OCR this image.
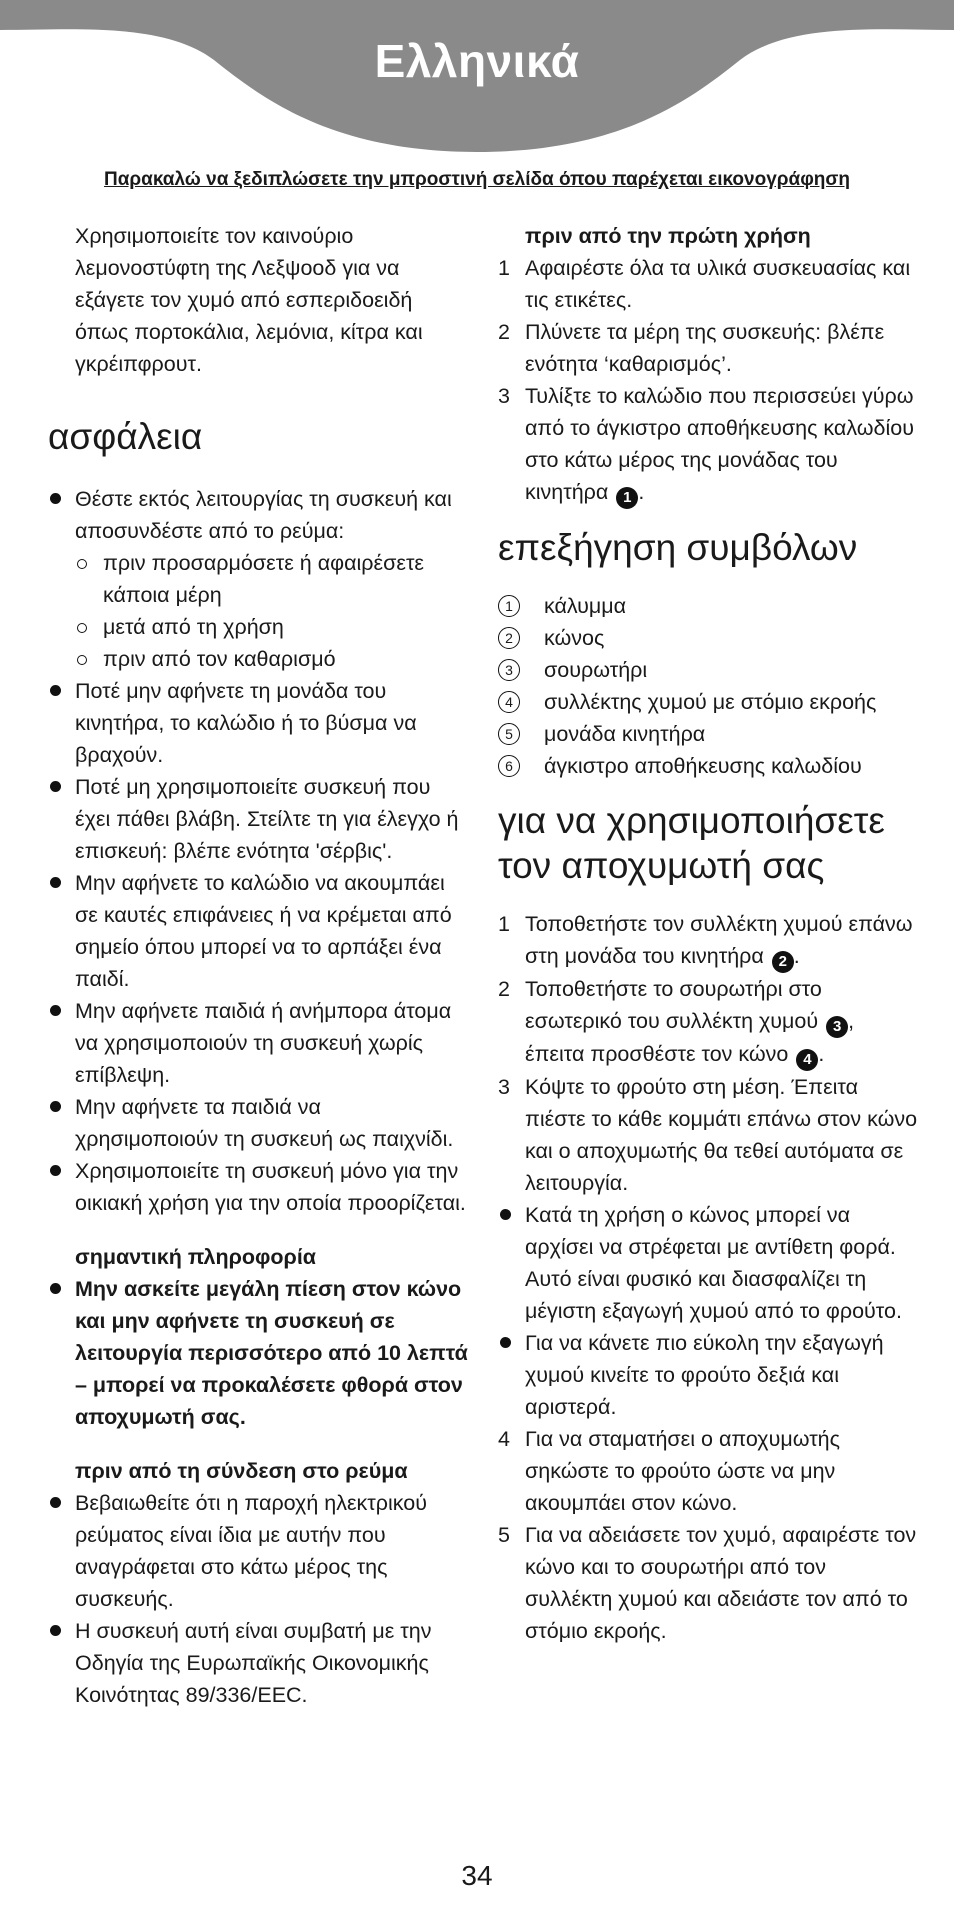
Ελληνικά
Παρακαλώ να ξεδιπλώσετε την μπροστινή σελίδα όπου παρέχεται εικονογράφηση

Χρησιμοποιείτε τον καινούριο λεμονοστύφτη της Λεξψοοδ για να εξάγετε τον χυμό από εσπεριδοειδή όπως πορτοκάλια, λεμόνια, κίτρα και γκρέιπφρουτ.

ασφάλεια
Θέστε εκτός λειτουργίας τη συσκευή και αποσυνδέστε από το ρεύμα:
πριν προσαρμόσετε ή αφαιρέσετε κάποια μέρη
μετά από τη χρήση
πριν από τον καθαρισμό
Ποτέ μην αφήνετε τη μονάδα του κινητήρα, το καλώδιο ή το βύσμα να βραχούν.
Ποτέ μη χρησιμοποιείτε συσκευή που έχει πάθει βλάβη. Στείλτε τη για έλεγχο ή επισκευή: βλέπε ενότητα 'σέρβις'.
Μην αφήνετε το καλώδιο να ακουμπάει σε καυτές επιφάνειες ή να κρέμεται από σημείο όπου μπορεί να το αρπάξει ένα παιδί.
Μην αφήνετε παιδιά ή ανήμπορα άτομα να χρησιμοποιούν τη συσκευή χωρίς επίβλεψη.
Μην αφήνετε τα παιδιά να χρησιμοποιούν τη συσκευή ως παιχνίδι.
Χρησιμοποιείτε τη συσκευή μόνο για την οικιακή χρήση για την οποία προορίζεται.

σημαντική πληροφορία

Μην ασκείτε μεγάλη πίεση στον κώνο και μην αφήνετε τη συσκευή σε λειτουργία περισσότερο από 10 λεπτά – μπορεί να προκαλέσετε φθορά στον αποχυμωτή σας.

πριν από τη σύνδεση στο ρεύμα

Βεβαιωθείτε ότι η παροχή ηλεκτρικού ρεύματος είναι ίδια με αυτήν που αναγράφεται στο κάτω μέρος της συσκευής.
Η συσκευή αυτή είναι συμβατή με την Οδηγία της Ευρωπαϊκής Οικονομικής Κοινότητας 89/336/EEC.

πριν από την πρώτη χρήση

1 Αφαιρέστε όλα τα υλικά συσκευασίας και τις ετικέτες.
2 Πλύνετε τα μέρη της συσκευής: βλέπε ενότητα ‘καθαρισμός’.
3 Τυλίξτε το καλώδιο που περισσεύει γύρω από το άγκιστρο αποθήκευσης καλωδίου στο κάτω μέρος της μονάδας του κινητήρα 1 .
επεξήγηση συμβόλων
1	κάλυμμα
2	κώνος
3	σουρωτήρι
4	συλλέκτης χυμού με στόμιο εκροής
5	μονάδα κινητήρα
6	άγκιστρο αποθήκευσης καλωδίου
για να χρησιμοποιήσετε τον αποχυμωτή σας
1 Τοποθετήστε τον συλλέκτη χυμού επάνω στη μονάδα του κινητήρα 2 .
2 Τοποθετήστε το σουρωτήρι στο εσωτερικό του συλλέκτη χυμού 3 , έπειτα προσθέστε τον κώνο 4 .
3 Κόψτε το φρούτο στη μέση. Έπειτα πιέστε το κάθε κομμάτι επάνω στον κώνο και ο αποχυμωτής θα τεθεί αυτόματα σε λειτουργία.
Κατά τη χρήση ο κώνος μπορεί να αρχίσει να στρέφεται με αντίθετη φορά. Αυτό είναι φυσικό και διασφαλίζει τη μέγιστη εξαγωγή χυμού από το φρούτο.
Για να κάνετε πιο εύκολη την εξαγωγή χυμού κινείτε το φρούτο δεξιά και αριστερά.
4 Για να σταματήσει ο αποχυμωτής σηκώστε το φρούτο ώστε να μην ακουμπάει στον κώνο.
5 Για να αδειάσετε τον χυμό, αφαιρέστε τον κώνο και το σουρωτήρι από τον συλλέκτη χυμού και αδειάστε τον από το στόμιο εκροής.
34
